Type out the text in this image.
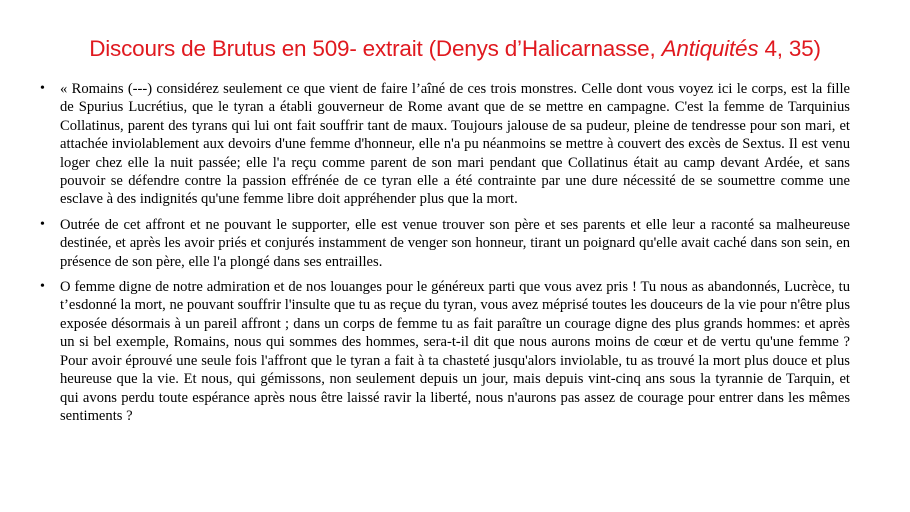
Discours de Brutus en 509- extrait (Denys d’Halicarnasse, Antiquités 4, 35)
• « Romains (---) considérez seulement ce que vient de faire l’aîné de ces trois monstres. Celle dont vous voyez ici le corps, est la fille de Spurius Lucrétius, que le tyran a établi gouverneur de Rome avant que de se mettre en campagne. C'est la femme de Tarquinius Collatinus, parent des tyrans qui lui ont fait souffrir tant de maux. Toujours jalouse de sa pudeur, pleine de tendresse pour son mari, et attachée inviolablement aux devoirs d'une femme d'honneur, elle n'a pu néanmoins se mettre à couvert des excès de Sextus. Il est venu loger chez elle la nuit passée; elle l'a reçu comme parent de son mari pendant que Collatinus était au camp devant Ardée, et sans pouvoir se défendre contre la passion effrénée de ce tyran elle a été contrainte par une dure nécessité de se soumettre comme une esclave à des indignités qu'une femme libre doit appréhender plus que la mort.
• Outrée de cet affront et ne pouvant le supporter, elle est venue trouver son père et ses parents et elle leur a raconté sa malheureuse destinée, et après les avoir priés et conjurés instamment de venger son honneur, tirant un poignard qu'elle avait caché dans son sein, en présence de son père, elle l'a plongé dans ses entrailles.
• O femme digne de notre admiration et de nos louanges pour le généreux parti que vous avez pris ! Tu nous as abandonnés, Lucrèce, tu t’esdonné la mort, ne pouvant souffrir l'insulte que tu as reçue du tyran, vous avez méprisé toutes les douceurs de la vie pour n'être plus exposée désormais à un pareil affront ; dans un corps de femme tu as fait paraître un courage digne des plus grands hommes: et après un si bel exemple, Romains, nous qui sommes des hommes, sera-t-il dit que nous aurons moins de cœur et de vertu qu'une femme ? Pour avoir éprouvé une seule fois l'affront que le tyran a fait à ta chasteté jusqu'alors inviolable, tu as trouvé la mort plus douce et plus heureuse que la vie. Et nous, qui gémissons, non seulement depuis un jour, mais depuis vint-cinq ans sous la tyrannie de Tarquin, et qui avons perdu toute espérance après nous être laissé ravir la liberté, nous n'aurons pas assez de courage pour entrer dans les mêmes sentiments ?
